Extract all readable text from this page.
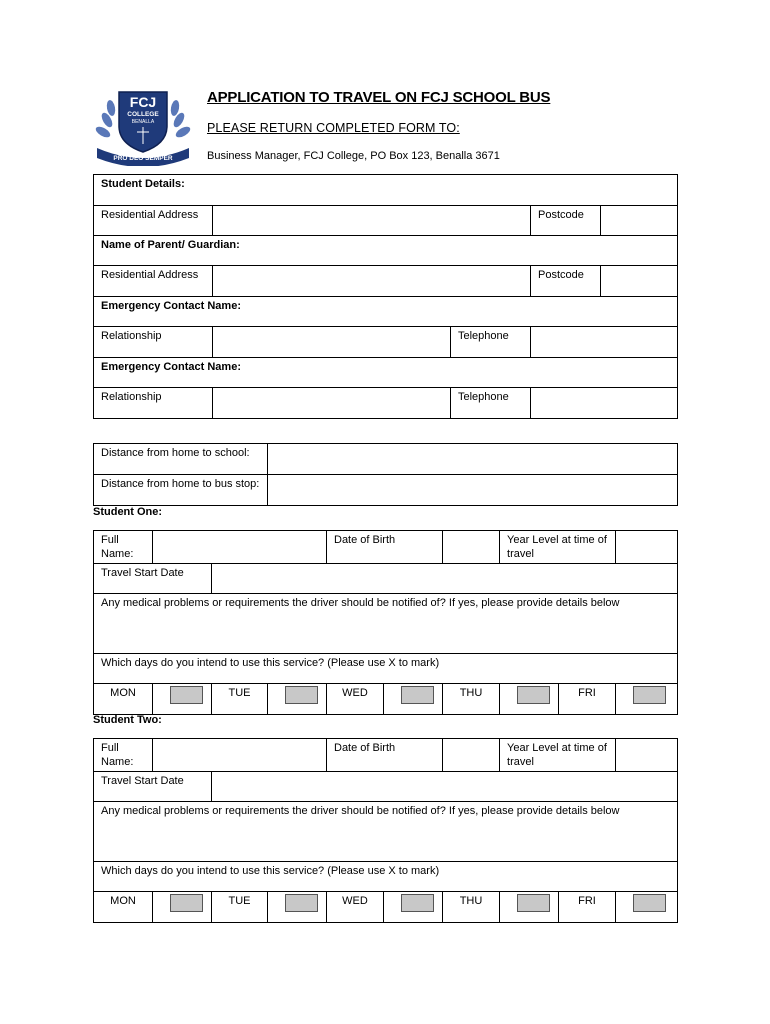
FCJ
COLLEGE
BENALLA
PRO DEO SEMPER
APPLICATION TO TRAVEL ON FCJ SCHOOL BUS
PLEASE RETURN COMPLETED FORM TO:
Business Manager, FCJ College, PO Box 123, Benalla 3671
Student Details:				
Residential Address			Postcode	
Name of Parent/ Guardian:				
Residential Address			Postcode	
Emergency Contact Name:				
Relationship		Telephone		
Emergency Contact Name:				
Relationship		Telephone		
Distance from home to school:	
Distance from home to bus stop:	
Student One:
Full Name:				Date of Birth			Year Level at time of travel		
Travel Start Date									
Any medical problems or requirements the driver should be notified of? If yes, please provide details below									
Which days do you intend to use this service? (Please use X to mark)									
MON		TUE		WED		THU		FRI	
Student Two:
Full Name:				Date of Birth			Year Level at time of travel		
Travel Start Date									
Any medical problems or requirements the driver should be notified of? If yes, please provide details below									
Which days do you intend to use this service? (Please use X to mark)									
MON		TUE		WED		THU		FRI	
